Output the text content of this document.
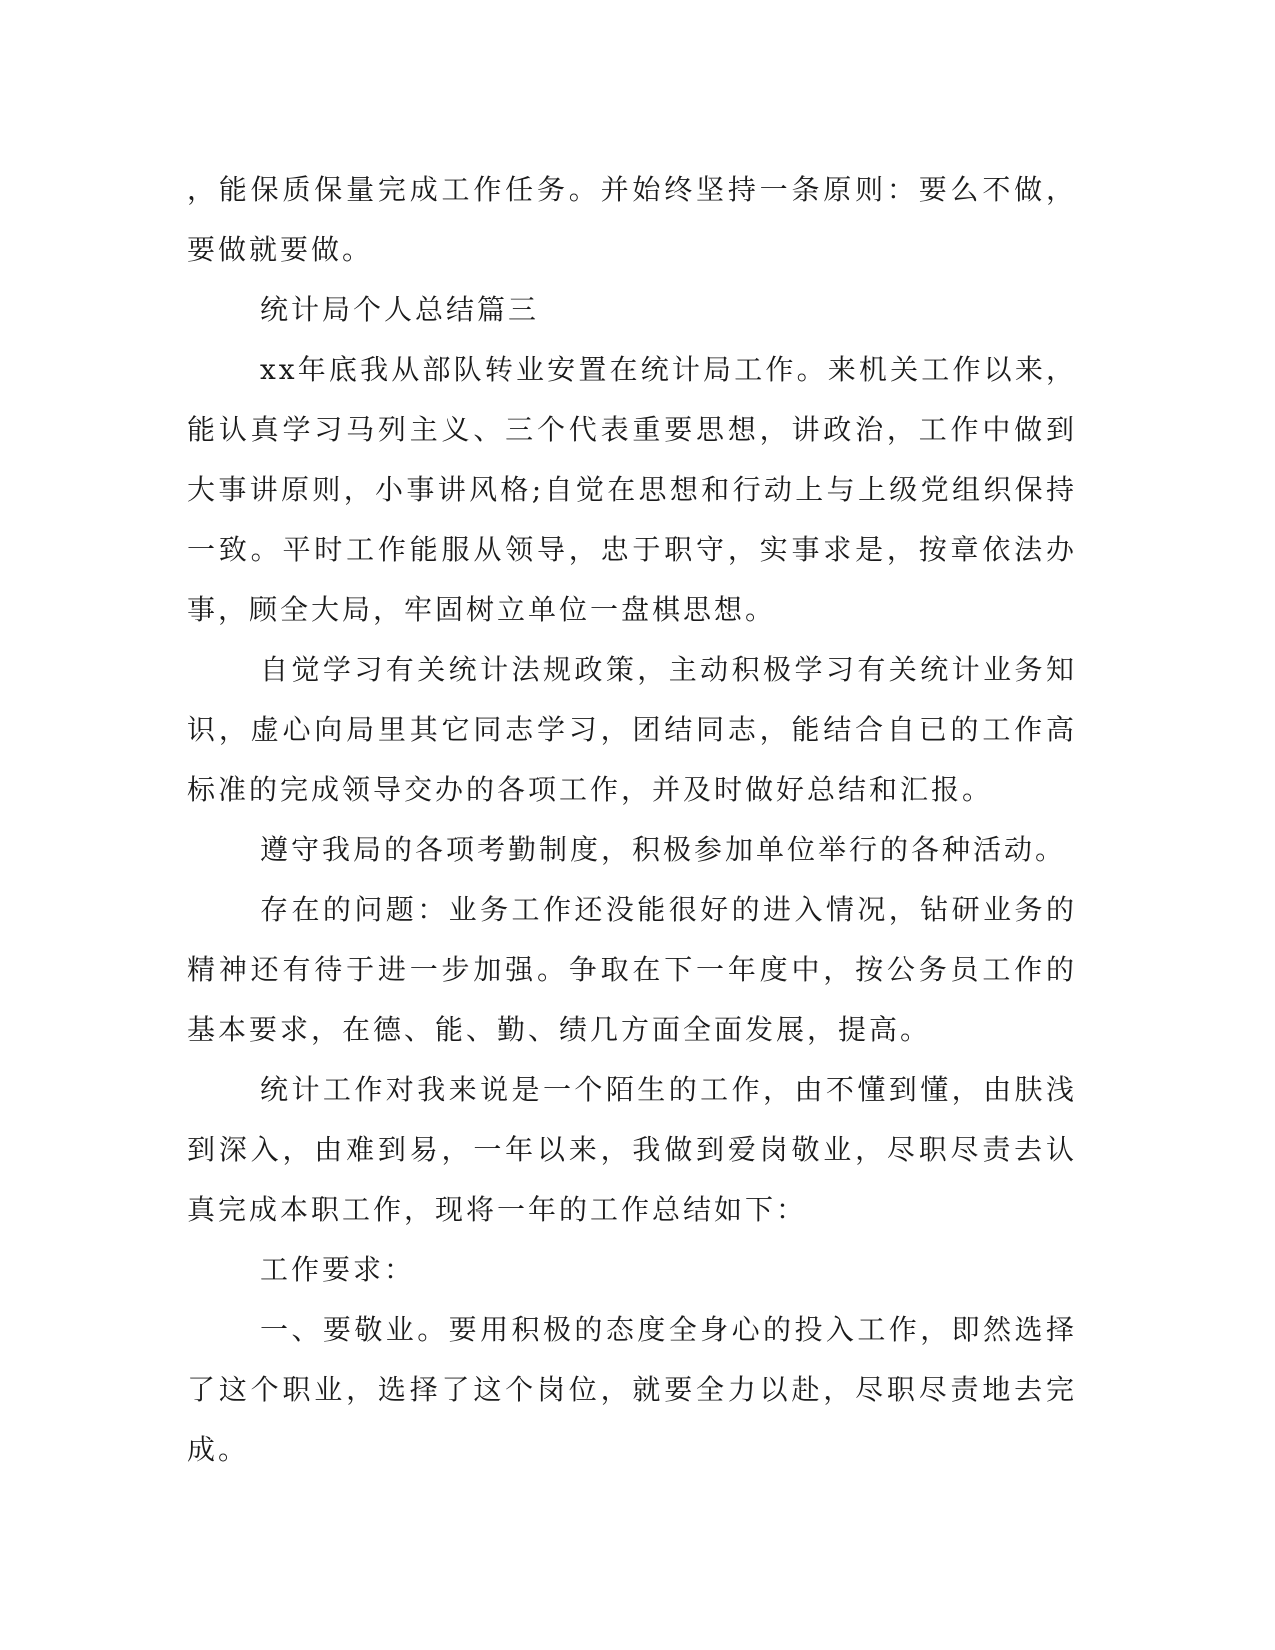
，能保质保量完成工作任务。并始终坚持一条原则：要么不做，要做就要做。

统计局个人总结篇三

xx年底我从部队转业安置在统计局工作。来机关工作以来，能认真学习马列主义、三个代表重要思想，讲政治，工作中做到大事讲原则，小事讲风格;自觉在思想和行动上与上级党组织保持一致。平时工作能服从领导，忠于职守，实事求是，按章依法办事，顾全大局，牢固树立单位一盘棋思想。

自觉学习有关统计法规政策，主动积极学习有关统计业务知识，虚心向局里其它同志学习，团结同志，能结合自已的工作高标准的完成领导交办的各项工作，并及时做好总结和汇报。

遵守我局的各项考勤制度，积极参加单位举行的各种活动。

存在的问题：业务工作还没能很好的进入情况，钻研业务的精神还有待于进一步加强。争取在下一年度中，按公务员工作的基本要求，在德、能、勤、绩几方面全面发展，提高。

统计工作对我来说是一个陌生的工作，由不懂到懂，由肤浅到深入，由难到易，一年以来，我做到爱岗敬业，尽职尽责去认真完成本职工作，现将一年的工作总结如下：

工作要求：

一、要敬业。要用积极的态度全身心的投入工作，即然选择了这个职业，选择了这个岗位，就要全力以赴，尽职尽责地去完成。
